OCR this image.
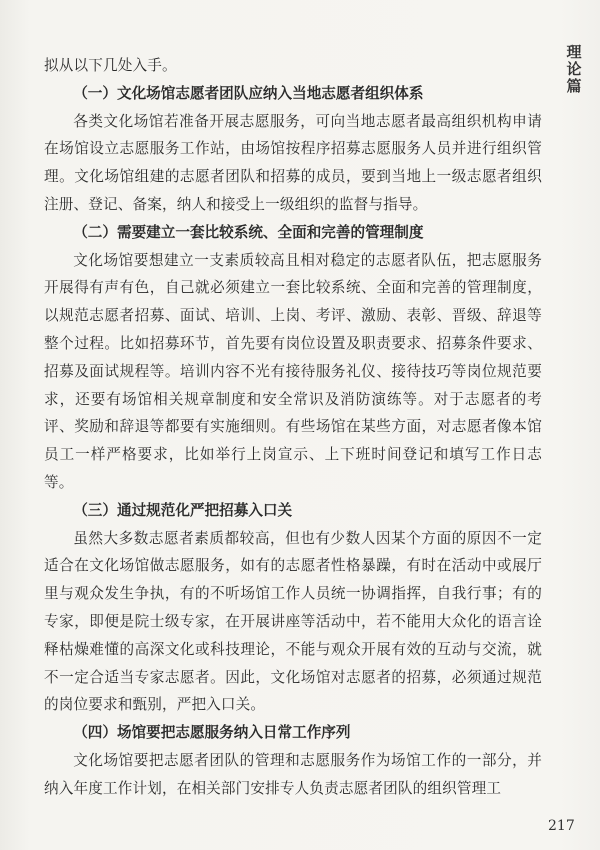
理论篇

拟从以下几处入手。

（一）文化场馆志愿者团队应纳入当地志愿者组织体系

各类文化场馆若准备开展志愿服务，可向当地志愿者最高组织机构申请在场馆设立志愿服务工作站，由场馆按程序招募志愿服务人员并进行组织管理。文化场馆组建的志愿者团队和招募的成员，要到当地上一级志愿者组织注册、登记、备案，纳人和接受上一级组织的监督与指导。

（二）需要建立一套比较系统、全面和完善的管理制度

文化场馆要想建立一支素质较高且相对稳定的志愿者队伍，把志愿服务开展得有声有色，自己就必须建立一套比较系统、全面和完善的管理制度，以规范志愿者招募、面试、培训、上岗、考评、激励、表彰、晋级、辞退等整个过程。比如招募环节，首先要有岗位设置及职责要求、招募条件要求、招募及面试规程等。培训内容不光有接待服务礼仪、接待技巧等岗位规范要求，还要有场馆相关规章制度和安全常识及消防演练等。对于志愿者的考评、奖励和辞退等都要有实施细则。有些场馆在某些方面，对志愿者像本馆员工一样严格要求，比如举行上岗宣示、上下班时间登记和填写工作日志等。

（三）通过规范化严把招募入口关

虽然大多数志愿者素质都较高，但也有少数人因某个方面的原因不一定适合在文化场馆做志愿服务，如有的志愿者性格暴躁，有时在活动中或展厅里与观众发生争执，有的不听场馆工作人员统一协调指挥，自我行事；有的专家，即便是院士级专家，在开展讲座等活动中，若不能用大众化的语言诠释枯燥难懂的高深文化或科技理论，不能与观众开展有效的互动与交流，就不一定合适当专家志愿者。因此，文化场馆对志愿者的招募，必须通过规范的岗位要求和甄别，严把入口关。

（四）场馆要把志愿服务纳入日常工作序列

文化场馆要把志愿者团队的管理和志愿服务作为场馆工作的一部分，并纳入年度工作计划，在相关部门安排专人负责志愿者团队的组织管理工

217
